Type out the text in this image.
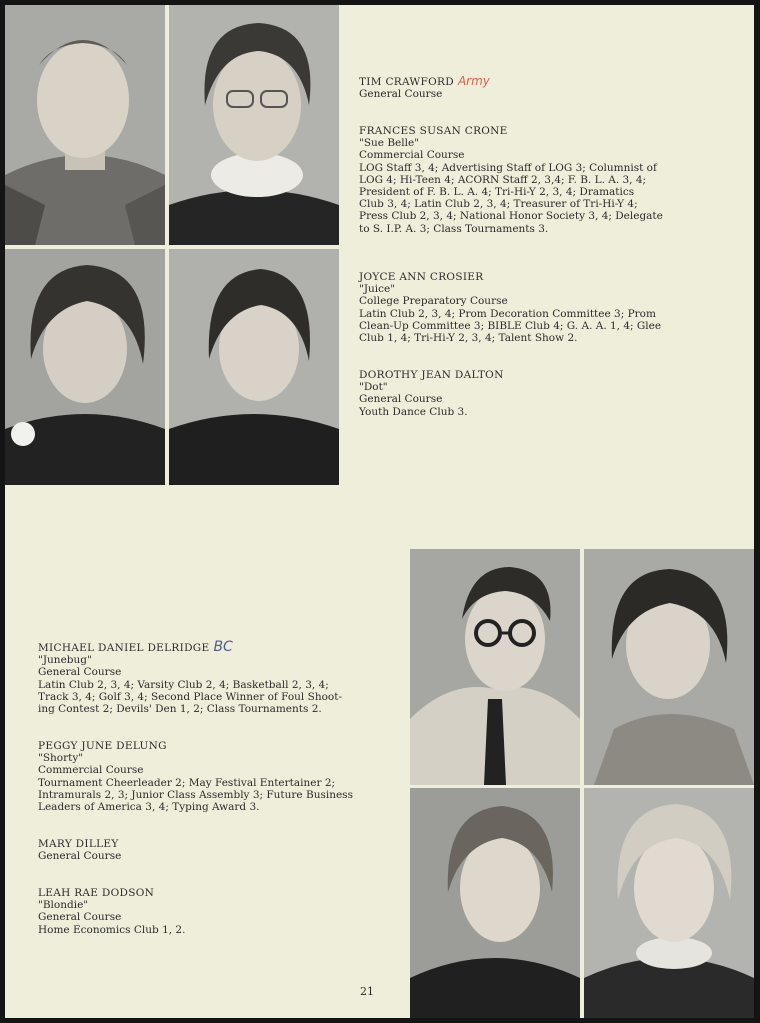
TIM CRAWFORD Army
General Course
FRANCES SUSAN CRONE
"Sue Belle"
Commercial Course
LOG Staff 3, 4; Advertising Staff of LOG 3; Columnist of
LOG 4; Hi-Teen 4; ACORN Staff 2, 3,4; F. B. L. A. 3, 4;
President of F. B. L. A. 4; Tri-Hi-Y 2, 3, 4; Dramatics
Club 3, 4; Latin Club 2, 3, 4; Treasurer of Tri-Hi-Y 4;
Press Club 2, 3, 4; National Honor Society 3, 4; Delegate
to S. I.P. A. 3; Class Tournaments 3.
JOYCE ANN CROSIER
"Juice"
College Preparatory Course
Latin Club 2, 3, 4; Prom Decoration Committee 3; Prom
Clean-Up Committee 3; BIBLE Club 4; G. A. A. 1, 4; Glee
Club 1, 4; Tri-Hi-Y 2, 3, 4; Talent Show 2.
DOROTHY JEAN DALTON
"Dot"
General Course
Youth Dance Club 3.
MICHAEL DANIEL DELRIDGE BC
"Junebug"
General Course
Latin Club 2, 3, 4; Varsity Club 2, 4; Basketball 2, 3, 4;
Track 3, 4; Golf 3, 4; Second Place Winner of Foul Shoot-
ing Contest 2; Devils' Den 1, 2; Class Tournaments 2.
PEGGY JUNE DELUNG
"Shorty"
Commercial Course
Tournament Cheerleader 2; May Festival Entertainer 2;
Intramurals 2, 3; Junior Class Assembly 3; Future Business
Leaders of America 3, 4; Typing Award 3.
MARY DILLEY
General Course
LEAH RAE DODSON
"Blondie"
General Course
Home Economics Club 1, 2.
21
